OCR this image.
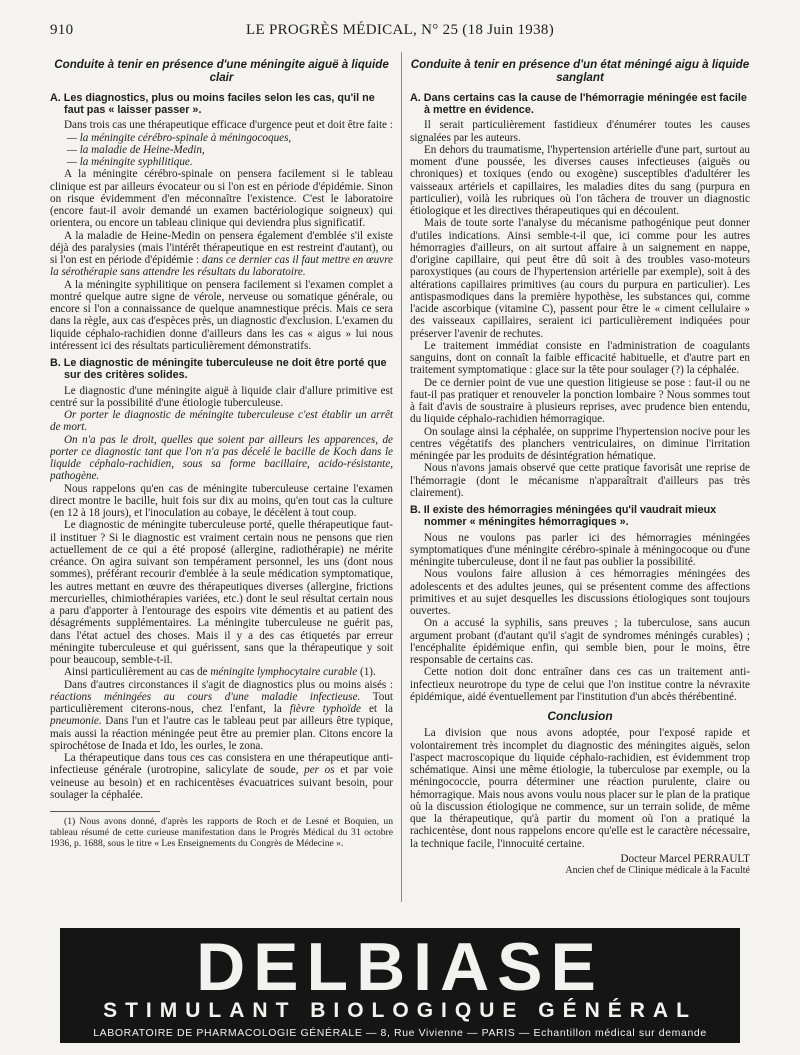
910	LE PROGRÈS MÉDICAL, N° 25 (18 Juin 1938)
Conduite à tenir en présence d'une méningite aiguë à liquide clair
A. Les diagnostics, plus ou moins faciles selon les cas, qu'il ne faut pas « laisser passer ».

Dans trois cas une thérapeutique efficace d'urgence peut et doit être faite :

— la méningite cérébro-spinale à méningocoques,
— la maladie de Heine-Medin,
— la méningite syphilitique.

A la méningite cérébro-spinale on pensera facilement si le tableau clinique est par ailleurs évocateur ou si l'on est en période d'épidémie. Sinon on risque évidemment d'en méconnaître l'existence. C'est le laboratoire (encore faut-il avoir demandé un examen bactériologique soigneux) qui orientera, ou encore un tableau clinique qui deviendra plus significatif.

A la maladie de Heine-Medin on pensera également d'emblée s'il existe déjà des paralysies (mais l'intérêt thérapeutique en est restreint d'autant), ou si l'on est en période d'épidémie : dans ce dernier cas il faut mettre en œuvre la sérothérapie sans attendre les résultats du laboratoire.

A la méningite syphilitique on pensera facilement si l'examen complet a montré quelque autre signe de vérole, nerveuse ou somatique générale, ou encore si l'on a connaissance de quelque anamnestique précis. Mais ce sera dans la règle, aux cas d'espèces près, un diagnostic d'exclusion. L'examen du liquide céphalo-rachidien donne d'ailleurs dans les cas « aigus » lui nous intéressent ici des résultats particulièrement démonstratifs.

B. Le diagnostic de méningite tuberculeuse ne doit être porté que sur des critères solides.

Le diagnostic d'une méningite aiguë à liquide clair d'allure primitive est centré sur la possibilité d'une étiologie tuberculeuse.

Or porter le diagnostic de méningite tuberculeuse c'est établir un arrêt de mort.

On n'a pas le droit, quelles que soient par ailleurs les apparences, de porter ce diagnostic tant que l'on n'a pas décelé le bacille de Koch dans le liquide céphalo-rachidien, sous sa forme bacillaire, acido-résistante, pathogène.

Nous rappelons qu'en cas de méningite tuberculeuse certaine l'examen direct montre le bacille, huit fois sur dix au moins, qu'en tout cas la culture (en 12 à 18 jours), et l'inoculation au cobaye, le décèlent à tout coup.

Le diagnostic de méningite tuberculeuse porté, quelle thérapeutique faut-il instituer ? Si le diagnostic est vraiment certain nous ne pensons que rien actuellement de ce qui a été proposé (allergine, radiothérapie) ne mérite créance. On agira suivant son tempérament personnel, les uns (dont nous sommes), préférant recourir d'emblée à la seule médication symptomatique, les autres mettant en œuvre des thérapeutiques diverses (allergine, frictions mercurielles, chimiothérapies variées, etc.) dont le seul résultat certain nous a paru d'apporter à l'entourage des espoirs vite démentis et au patient des désagréments supplémentaires. La méningite tuberculeuse ne guérit pas, dans l'état actuel des choses. Mais il y a des cas étiquetés par erreur méningite tuberculeuse et qui guérissent, sans que la thérapeutique y soit pour beaucoup, semble-t-il.

Ainsi particulièrement au cas de méningite lymphocytaire curable (1).

Dans d'autres circonstances il s'agit de diagnostics plus ou moins aisés : réactions méningées au cours d'une maladie infectieuse. Tout particulièrement citerons-nous, chez l'enfant, la fièvre typhoïde et la pneumonie. Dans l'un et l'autre cas le tableau peut par ailleurs être typique, mais aussi la réaction méningée peut être au premier plan. Citons encore la spirochétose de Inada et Ido, les ourles, le zona.

La thérapeutique dans tous ces cas consistera en une thérapeutique anti-infectieuse générale (urotropine, salicylate de soude, per os et par voie veineuse au besoin) et en rachicentèses évacuatrices suivant besoin, pour soulager la céphalée.

(1) Nous avons donné, d'après les rapports de Roch et de Lesné et Boquien, un tableau résumé de cette curieuse manifestation dans le Progrès Médical du 31 octobre 1936, p. 1688, sous le titre « Les Enseignements du Congrès de Médecine ».

Conduite à tenir en présence d'un état méningé aigu à liquide sanglant
A. Dans certains cas la cause de l'hémorragie méningée est facile à mettre en évidence.

Il serait particulièrement fastidieux d'énumérer toutes les causes signalées par les auteurs.

En dehors du traumatisme, l'hypertension artérielle d'une part, surtout au moment d'une poussée, les diverses causes infectieuses (aiguës ou chroniques) et toxiques (endo ou exogène) susceptibles d'adultérer les vaisseaux artériels et capillaires, les maladies dites du sang (purpura en particulier), voilà les rubriques où l'on tâchera de trouver un diagnostic étiologique et les directives thérapeutiques qui en découlent.

Mais de toute sorte l'analyse du mécanisme pathogénique peut donner d'utiles indications. Ainsi semble-t-il que, ici comme pour les autres hémorragies d'ailleurs, on ait surtout affaire à un saignement en nappe, d'origine capillaire, qui peut être dû soit à des troubles vaso-moteurs paroxystiques (au cours de l'hypertension artérielle par exemple), soit à des altérations capillaires primitives (au cours du purpura en particulier). Les antispasmodiques dans la première hypothèse, les substances qui, comme l'acide ascorbique (vitamine C), passent pour être le « ciment cellulaire » des vaisseaux capillaires, seraient ici particulièrement indiquées pour préserver l'avenir de rechutes.

Le traitement immédiat consiste en l'administration de coagulants sanguins, dont on connaît la faible efficacité habituelle, et d'autre part en traitement symptomatique : glace sur la tête pour soulager (?) la céphalée.

De ce dernier point de vue une question litigieuse se pose : faut-il ou ne faut-il pas pratiquer et renouveler la ponction lombaire ? Nous sommes tout à fait d'avis de soustraire à plusieurs reprises, avec prudence bien entendu, du liquide céphalo-rachidien hémorragique.

On soulage ainsi la céphalée, on supprime l'hypertension nocive pour les centres végétatifs des planchers ventriculaires, on diminue l'irritation méningée par les produits de désintégration hématique.

Nous n'avons jamais observé que cette pratique favorisât une reprise de l'hémorragie (dont le mécanisme n'apparaîtrait d'ailleurs pas très clairement).

B. Il existe des hémorragies méningées qu'il vaudrait mieux nommer « méningites hémorragiques ».

Nous ne voulons pas parler ici des hémorragies méningées symptomatiques d'une méningite cérébro-spinale à méningocoque ou d'une méningite tuberculeuse, dont il ne faut pas oublier la possibilité.

Nous voulons faire allusion à ces hémorragies méningées des adolescents et des adultes jeunes, qui se présentent comme des affections primitives et au sujet desquelles les discussions étiologiques sont toujours ouvertes.

On a accusé la syphilis, sans preuves ; la tuberculose, sans aucun argument probant (d'autant qu'il s'agit de syndromes méningés curables) ; l'encéphalite épidémique enfin, qui semble bien, pour le moins, être responsable de certains cas.

Cette notion doit donc entraîner dans ces cas un traitement anti-infectieux neurotrope du type de celui que l'on institue contre la névraxite épidémique, aidé éventuellement par l'institution d'un abcès thérébentiné.

Conclusion

La division que nous avons adoptée, pour l'exposé rapide et volontairement très incomplet du diagnostic des méningites aiguës, selon l'aspect macroscopique du liquide céphalo-rachidien, est évidemment trop schématique. Ainsi une même étiologie, la tuberculose par exemple, ou la méningococcie, pourra déterminer une réaction purulente, claire ou hémorragique. Mais nous avons voulu nous placer sur le plan de la pratique où la discussion étiologique ne commence, sur un terrain solide, de même que la thérapeutique, qu'à partir du moment où l'on a pratiqué la rachicentèse, dont nous rappelons encore qu'elle est le caractère nécessaire, la technique facile, l'innocuité certaine.

Docteur Marcel PERRAULT
Ancien chef de Clinique médicale à la Faculté
DELBIASE
STIMULANT BIOLOGIQUE GÉNÉRAL
LABORATOIRE DE PHARMACOLOGIE GÉNÉRALE — 8, Rue Vivienne — PARIS — Echantillon médical sur demande
